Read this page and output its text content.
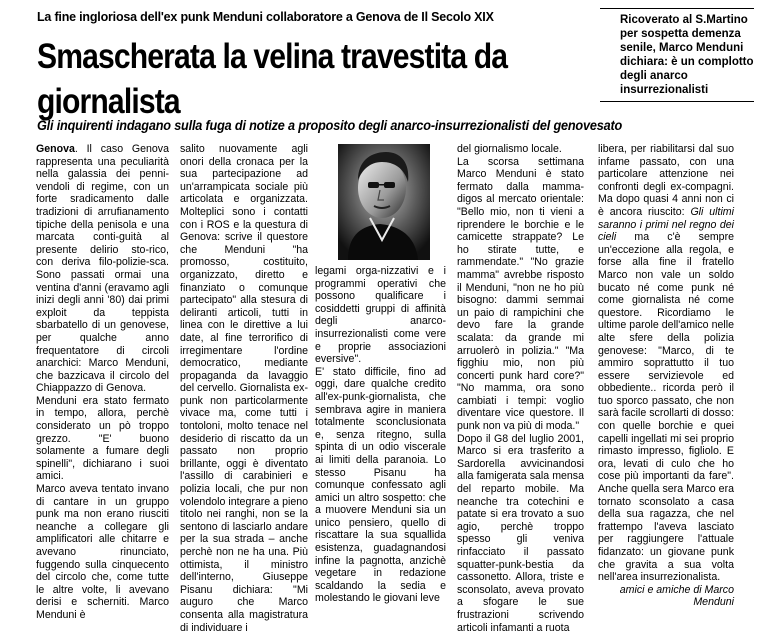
La fine ingloriosa dell'ex punk Menduni collaboratore a Genova de Il Secolo XIX
Smascherata la velina travestita da giornalista
Gli inquirenti indagano sulla fuga di notize a proposito degli anarco-insurrezionalisti del genovesato
Ricoverato al S.Martino per sospetta demenza senile, Marco Menduni dichiara: è un complotto degli anarco insurrezionalisti

Genova. Il caso Genova rappresenta una peculiarità nella galassia dei penni-vendoli di regime, con un forte sradicamento dalle tradizioni di arrufianamento tipiche della penisola e una marcata conti-guità al presente delirio sto-rico, con deriva filo-polizie-sca. Sono passati ormai una ventina d'anni (eravamo agli inizi degli anni '80) dai primi exploit da teppista sbarbatello di un genovese, per qualche anno frequentatore di circoli anarchici: Marco Menduni, che bazzicava il circolo del Chiappazzo di Genova.

Menduni era stato fermato in tempo, allora, perchè considerato un pò troppo grezzo. "E' buono solamente a fumare degli spinelli", dichiarano i suoi amici.

Marco aveva tentato invano di cantare in un gruppo punk ma non erano riusciti neanche a collegare gli amplificatori alle chitarre e avevano rinunciato, fuggendo sulla cinquecento del circolo che, come tutte le altre volte, li avevano derisi e scherniti. Marco Menduni è

salito nuovamente agli onori della cronaca per la sua partecipazione ad un'arrampicata sociale più articolata e organizzata. Molteplici sono i contatti con i ROS e la questura di Genova: scrive il questore che Menduni "ha promosso, costituito, organizzato, diretto e finanziato o comunque partecipato" alla stesura di deliranti articoli, tutti in linea con le direttive a lui date, al fine terrorifico di irregimentare l'ordine democratico, mediante propaganda da lavaggio del cervello. Giornalista ex-punk non particolarmente vivace ma, come tutti i tontoloni, molto tenace nel desiderio di riscatto da un passato non proprio brillante, oggi è diventato l'assillo di carabinieri e polizia locali, che pur non volendolo integrare a pieno titolo nei ranghi, non se la sentono di lasciarlo andare per la sua strada – anche perchè non ne ha una. Più ottimista, il ministro dell'interno, Giuseppe Pisanu dichiara: "Mi auguro che Marco consenta alla magistratura di individuare i

legami orga-nizzativi e i programmi operativi che possono qualificare i cosiddetti gruppi di affinità degli anarco-insurrezionalisti come vere e proprie associazioni eversive".

E' stato difficile, fino ad oggi, dare qualche credito all'ex-punk-giornalista, che sembrava agire in maniera totalmente sconclusionata e, senza ritegno, sulla spinta di un odio viscerale ai limiti della paranoia. Lo stesso Pisanu ha comunque confessato agli amici un altro sospetto: che a muovere Menduni sia un unico pensiero, quello di riscattare la sua squallida esistenza, guadagnandosi infine la pagnotta, anzichè vegetare in redazione scaldando la sedia e molestando le giovani leve

del giornalismo locale.

La scorsa settimana Marco Menduni è stato fermato dalla mamma-digos al mercato orientale: "Bello mio, non ti vieni a riprendere le borchie e le camicette strappate? Le ho stirate tutte, e rammendate." "No grazie mamma" avrebbe risposto il Menduni, "non ne ho più bisogno: dammi semmai un paio di rampichini che devo fare la grande scalata: da grande mi arruolerò in polizia." "Ma figghiu mio, non più concerti punk hard core?" "No mamma, ora sono cambiati i tempi: voglio diventare vice questore. Il punk non va più di moda."

Dopo il G8 del luglio 2001, Marco si era trasferito a Sardorella avvicinandosi alla famigerata sala mensa del reparto mobile. Ma neanche tra cotechini e patate si era trovato a suo agio, perchè troppo spesso gli veniva rinfacciato il passato squatter-punk-bestia da cassonetto. Allora, triste e sconsolato, aveva provato a sfogare le sue frustrazioni scrivendo articoli infamanti a ruota

libera, per riabilitarsi dal suo infame passato, con una particolare attenzione nei confronti degli ex-compagni. Ma dopo quasi 4 anni non ci è ancora riuscito: Gli ultimi saranno i primi nel regno dei cieli ma c'è sempre un'eccezione alla regola, e forse alla fine il fratello Marco non vale un soldo bucato né come punk né come giornalista né come questore. Ricordiamo le ultime parole dell'amico nelle alte sfere della polizia genovese: "Marco, di te ammiro soprattutto il tuo essere servizievole ed obbediente.. ricorda però il tuo sporco passato, che non sarà facile scrollarti di dosso: con quelle borchie e quei capelli ingellati mi sei proprio rimasto impresso, figliolo. E ora, levati di culo che ho cose più importanti da fare". Anche quella sera Marco era tornato sconsolato a casa della sua ragazza, che nel frattempo l'aveva lasciato per raggiungere l'attuale fidanzato: un giovane punk che gravita a sua volta nell'area insurrezionalista.

amici e amiche di Marco
Menduni
